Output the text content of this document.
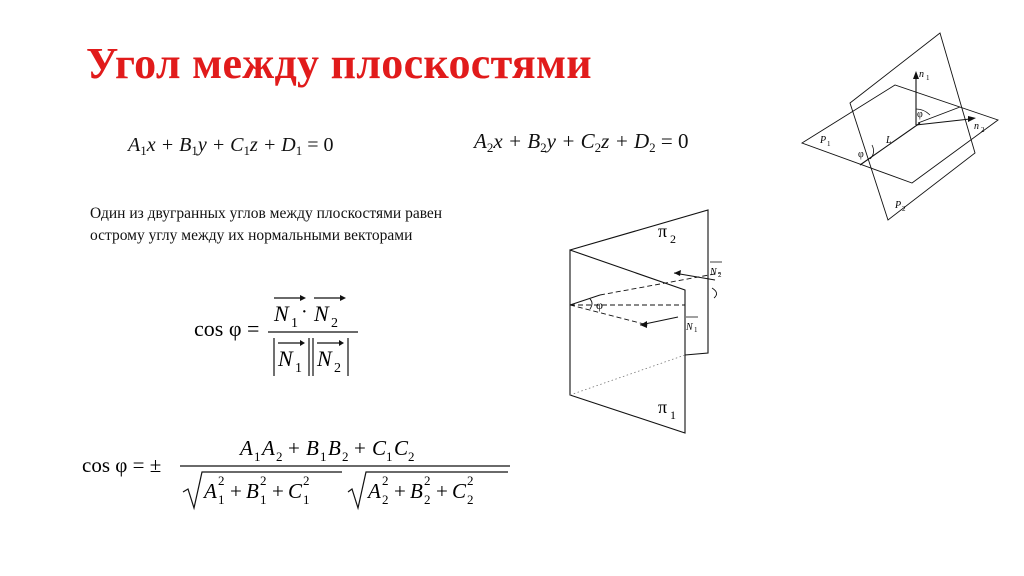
Угол между плоскостями
$A_1x + B_1y + C_1z + D_1 = 0$	$A_2x + B_2y + C_2z + D_2 = 0$
Один из двугранных углов между плоскостями равен
острому углу между их нормальными векторами
cos φ =
N 1
· N 2
N 1 N 2
cos φ = ±
A 1 A 2 + B 1 B 2 + C 1 C 2
A 1
2 + B 1
2 + C 1
2	A 2
2 + B 2
2 + C 2
2
φ
π 2
π 1
N 2
N 1
P 1
P 2
n 1
n 2
L
φ
φ
